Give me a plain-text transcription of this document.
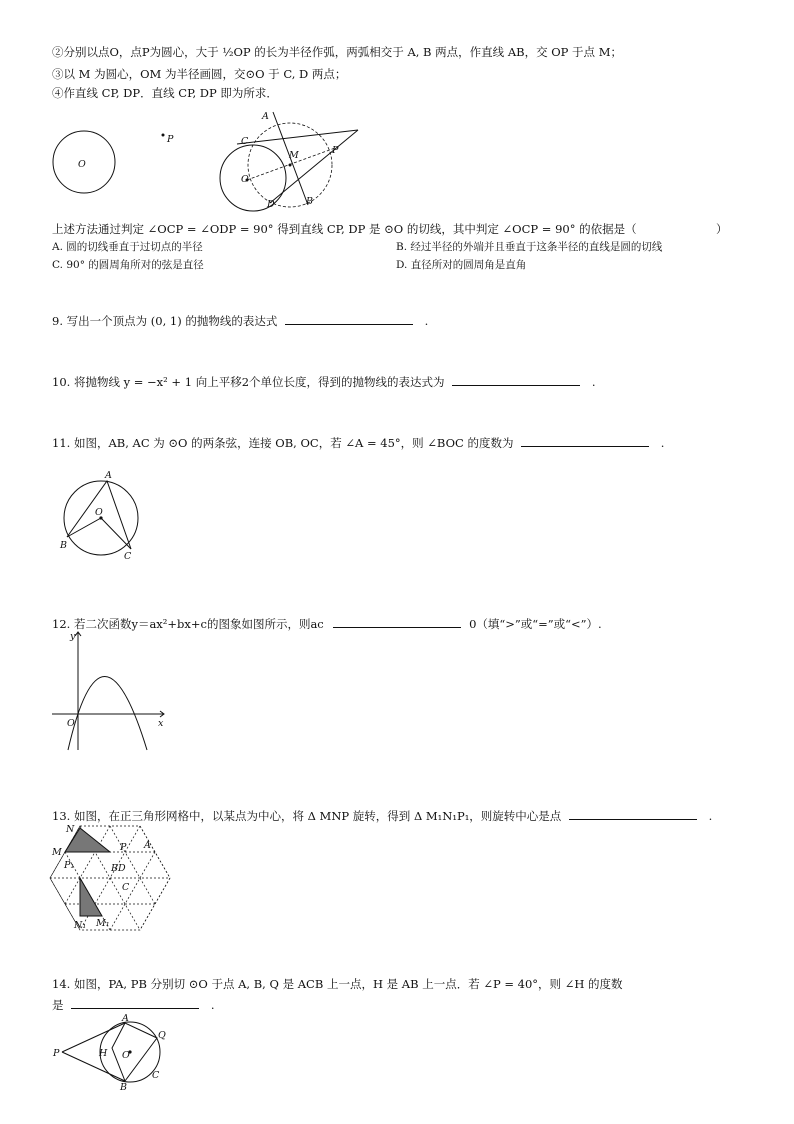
②分别以点O，点P为圆心，大于 ½OP 的长为半径作弧，两弧相交于 A, B 两点，作直线 AB，交 OP 于点 M；
③以 M 为圆心，OM 为半径画圆，交⊙O 于 C, D 两点；
④作直线 CP, DP．直线 CP, DP 即为所求．
O
P
A
B
C
D
M	P
O
上述方法通过判定 ∠OCP = ∠ODP = 90° 得到直线 CP, DP 是 ⊙O 的切线，其中判定 ∠OCP = 90° 的依据是（	）
A. 圆的切线垂直于过切点的半径	B. 经过半径的外端并且垂直于这条半径的直线是圆的切线
C. 90° 的圆周角所对的弦是直径	D. 直径所对的圆周角是直角
9. 写出一个顶点为 (0, 1) 的抛物线的表达式	.
10. 将抛物线 y = −x² + 1 向上平移2个单位长度，得到的抛物线的表达式为	.
11. 如图，AB, AC 为 ⊙O 的两条弦，连接 OB, OC，若 ∠A = 45°，则 ∠BOC 的度数为	.
A
B
C
O
12. 若二次函数y＝ax²+bx+c的图象如图所示，则ac	0（填“>”或“=”或“<”）.
y
x
O
13. 如图，在正三角形网格中，以某点为中心，将 Δ MNP 旋转，得到 Δ M₁N₁P₁，则旋转中心是点	.
N
M	P A
B D
C
P₁
N₁ M₁
14. 如图，PA, PB 分别切 ⊙O 于点 A, B, Q 是 ACB 上一点，H 是 AB 上一点．若 ∠P = 40°，则 ∠H 的度数
是	.
P
A
B
Q
H O
C
